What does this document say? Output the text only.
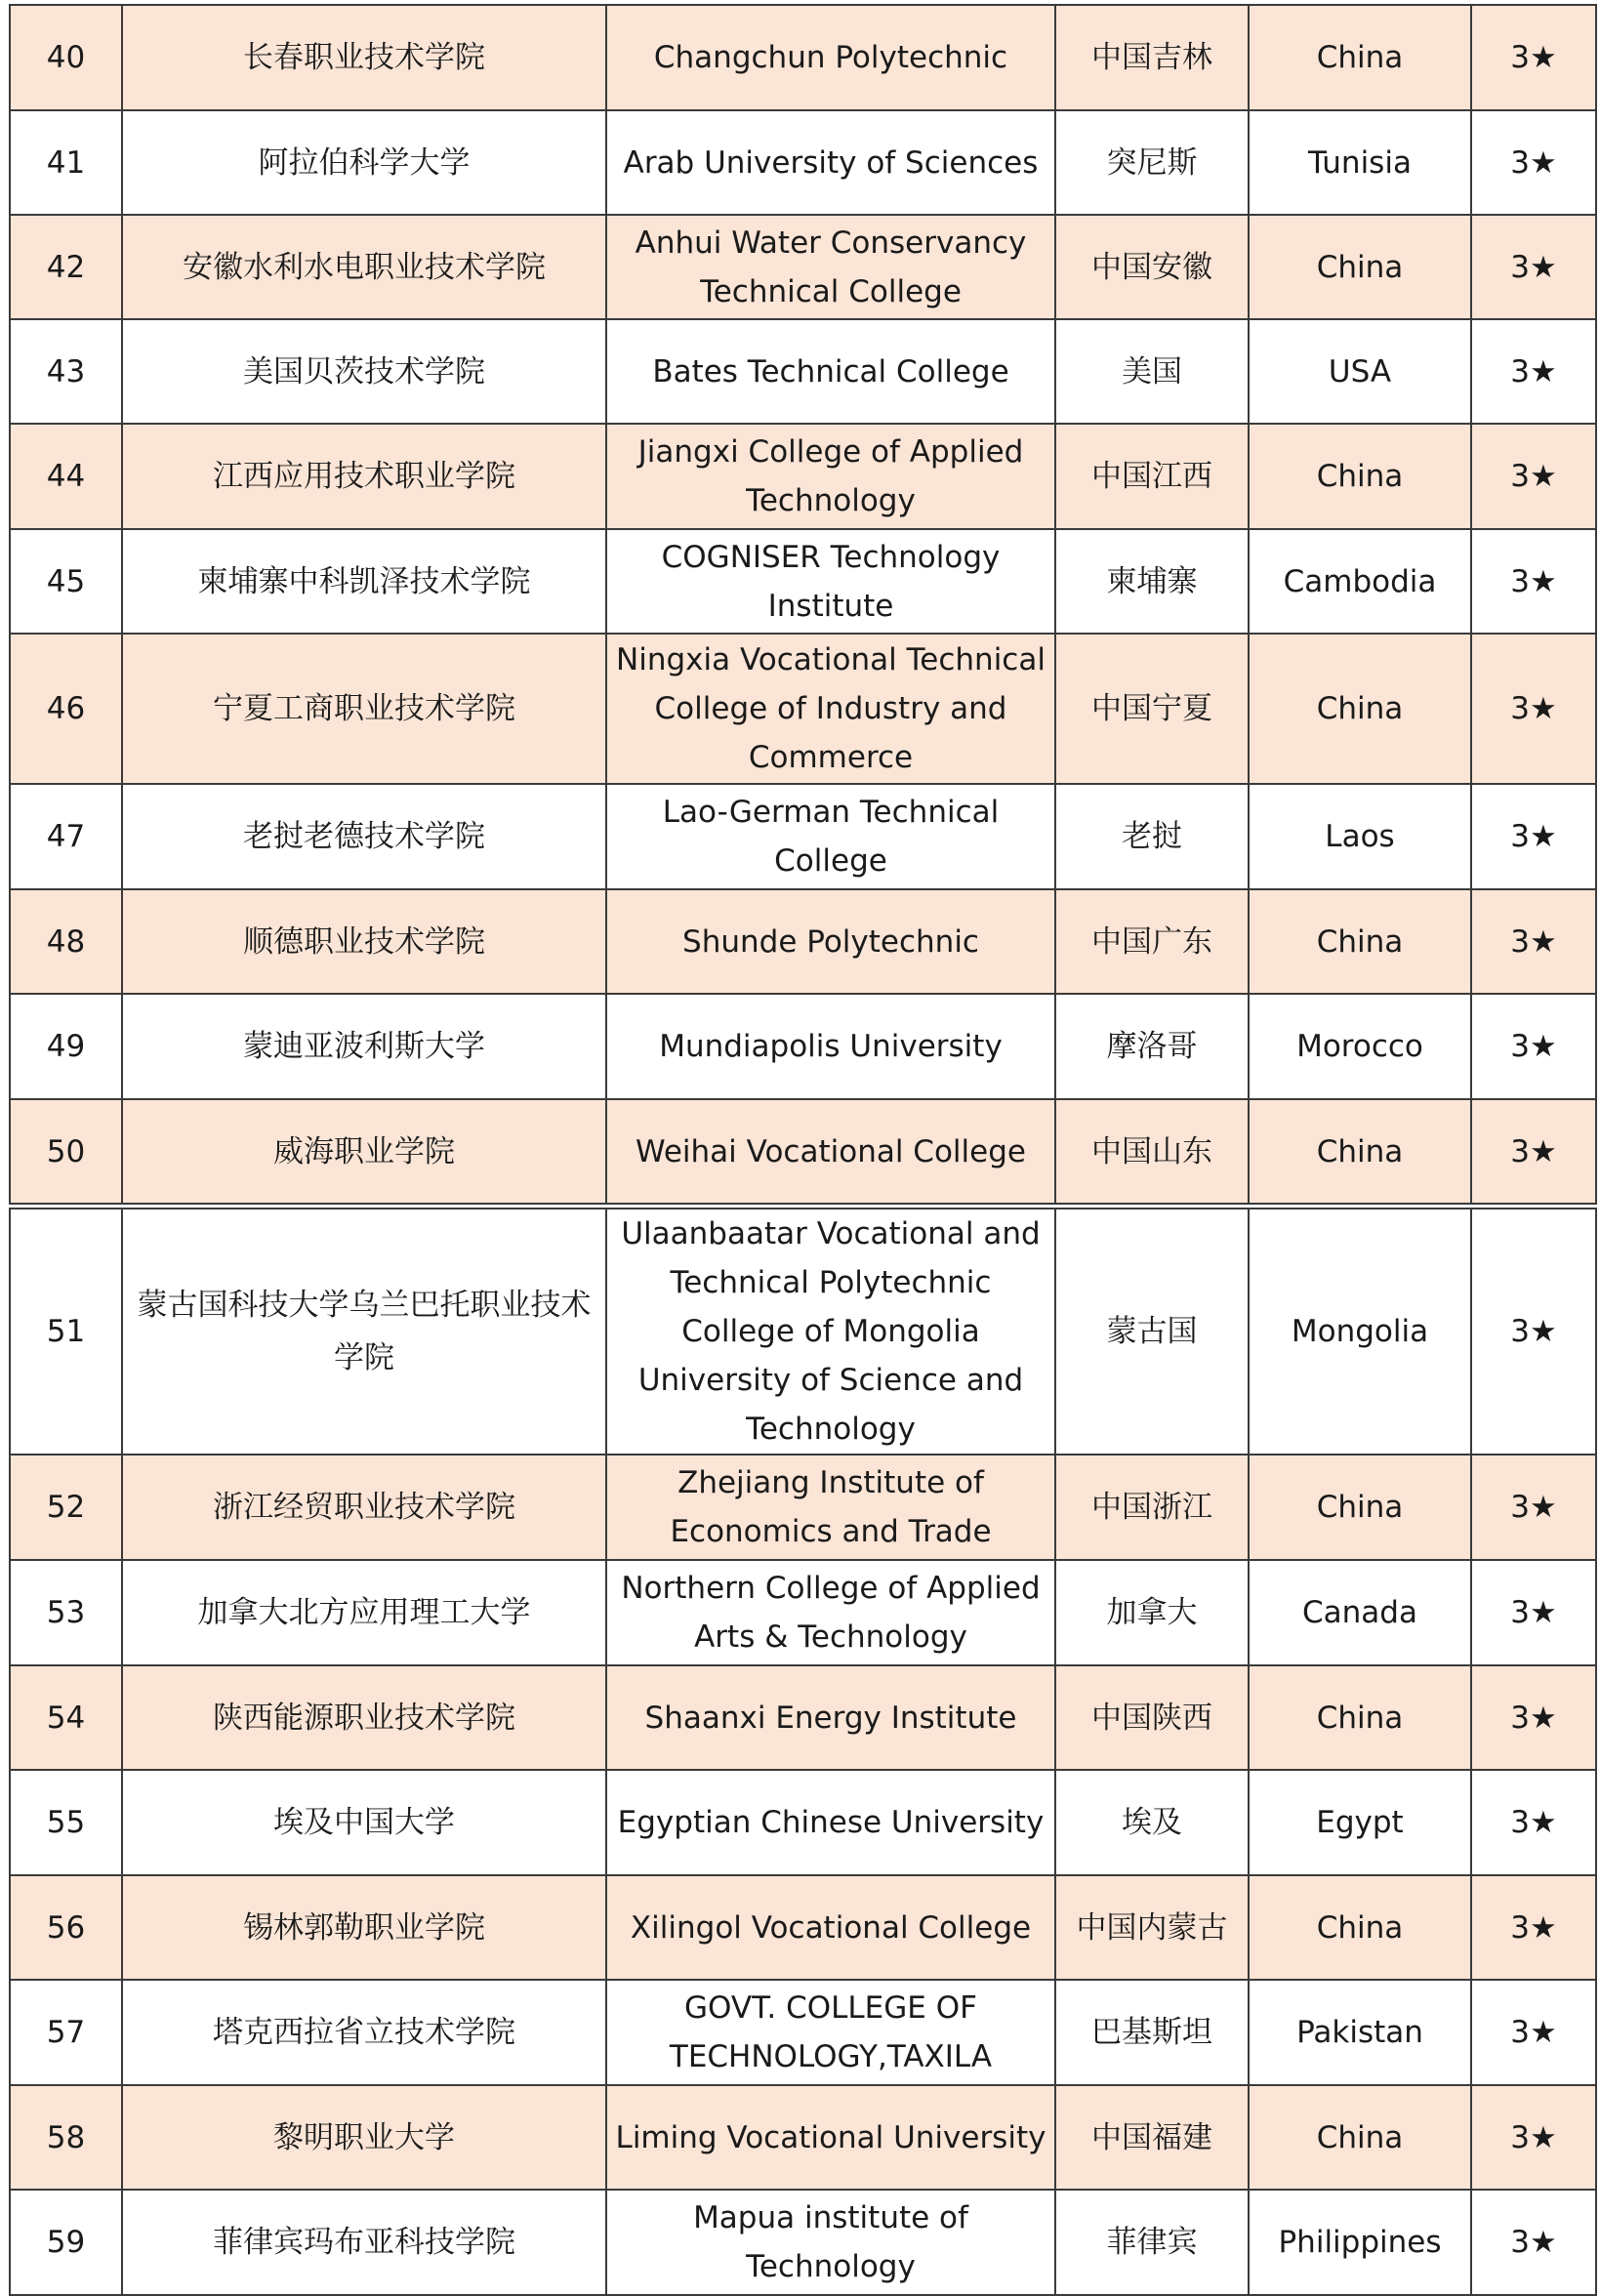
40	长春职业技术学院	Changchun Polytechnic	中国吉林	China	3★
41	阿拉伯科学大学	Arab University of Sciences	突尼斯	Tunisia	3★
42	安徽水利水电职业技术学院	Anhui Water Conservancy Technical College	中国安徽	China	3★
43	美国贝茨技术学院	Bates Technical College	美国	USA	3★
44	江西应用技术职业学院	Jiangxi College of Applied Technology	中国江西	China	3★
45	柬埔寨中科凯泽技术学院	COGNISER Technology Institute	柬埔寨	Cambodia	3★
46	宁夏工商职业技术学院	Ningxia Vocational Technical College of Industry and Commerce	中国宁夏	China	3★
47	老挝老德技术学院	Lao-German Technical College	老挝	Laos	3★
48	顺德职业技术学院	Shunde Polytechnic	中国广东	China	3★
49	蒙迪亚波利斯大学	Mundiapolis University	摩洛哥	Morocco	3★
50	威海职业学院	Weihai Vocational College	中国山东	China	3★
51	蒙古国科技大学乌兰巴托职业技术学院	Ulaanbaatar Vocational and Technical Polytechnic College of Mongolia University of Science and Technology	蒙古国	Mongolia	3★
52	浙江经贸职业技术学院	Zhejiang Institute of Economics and Trade	中国浙江	China	3★
53	加拿大北方应用理工大学	Northern College of Applied Arts & Technology	加拿大	Canada	3★
54	陕西能源职业技术学院	Shaanxi Energy Institute	中国陕西	China	3★
55	埃及中国大学	Egyptian Chinese University	埃及	Egypt	3★
56	锡林郭勒职业学院	Xilingol Vocational College	中国内蒙古	China	3★
57	塔克西拉省立技术学院	GOVT. COLLEGE OF TECHNOLOGY,TAXILA	巴基斯坦	Pakistan	3★
58	黎明职业大学	Liming Vocational University	中国福建	China	3★
59	菲律宾玛布亚科技学院	Mapua institute of Technology	菲律宾	Philippines	3★
